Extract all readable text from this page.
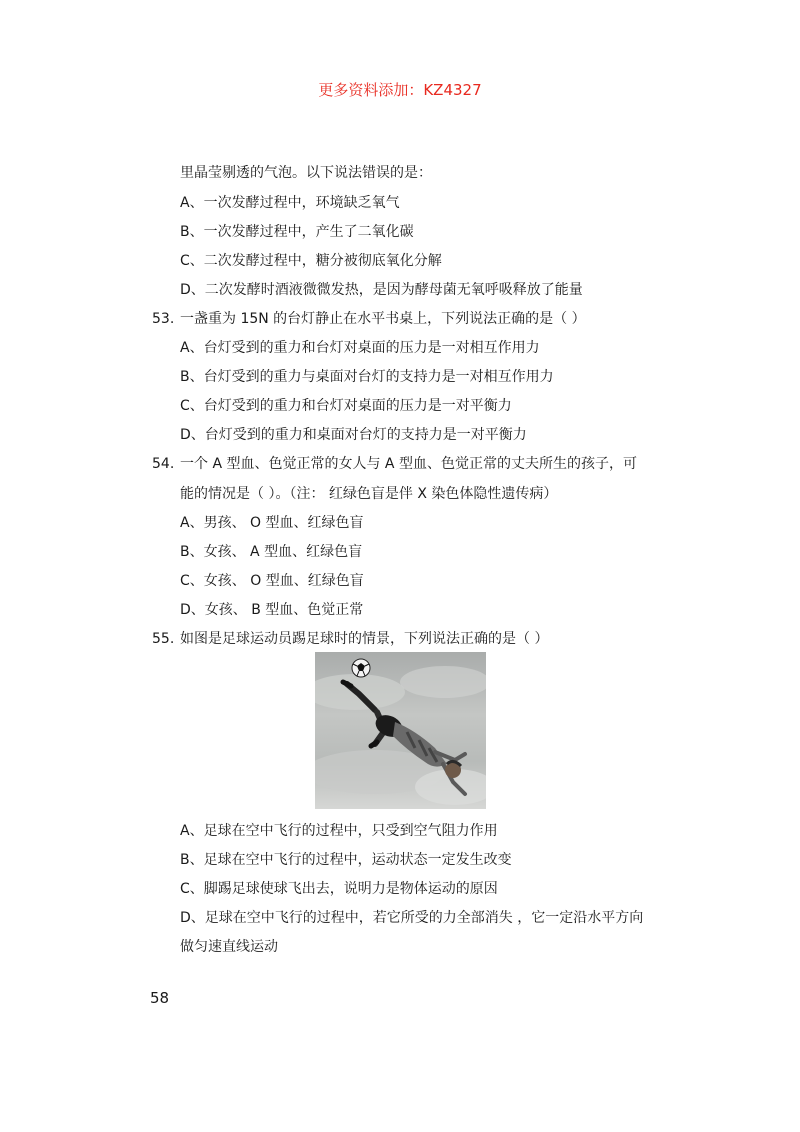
更多资料添加：KZ4327
里晶莹剔透的气泡。以下说法错误的是：
A、一次发酵过程中，环境缺乏氧气
B、一次发酵过程中，产生了二氧化碳
C、二次发酵过程中，糖分被彻底氧化分解
D、二次发酵时酒液微微发热，是因为酵母菌无氧呼吸释放了能量
53. 一盏重为 15N 的台灯静止在水平书桌上，下列说法正确的是（ ）
A、台灯受到的重力和台灯对桌面的压力是一对相互作用力
B、台灯受到的重力与桌面对台灯的支持力是一对相互作用力
C、台灯受到的重力和台灯对桌面的压力是一对平衡力
D、台灯受到的重力和桌面对台灯的支持力是一对平衡力
54. 一个 A 型血、色觉正常的女人与 A 型血、色觉正常的丈夫所生的孩子，可
能的情况是（ ）。（注： 红绿色盲是伴 X 染色体隐性遗传病）
A、男孩、 O 型血、红绿色盲
B、女孩、 A 型血、红绿色盲
C、女孩、 O 型血、红绿色盲
D、女孩、 B 型血、色觉正常
55. 如图是足球运动员踢足球时的情景，下列说法正确的是（ ）
A、足球在空中飞行的过程中，只受到空气阻力作用
B、足球在空中飞行的过程中，运动状态一定发生改变
C、脚踢足球使球飞出去，说明力是物体运动的原因
D、足球在空中飞行的过程中，若它所受的力全部消失 ，它一定沿水平方向
做匀速直线运动
58
